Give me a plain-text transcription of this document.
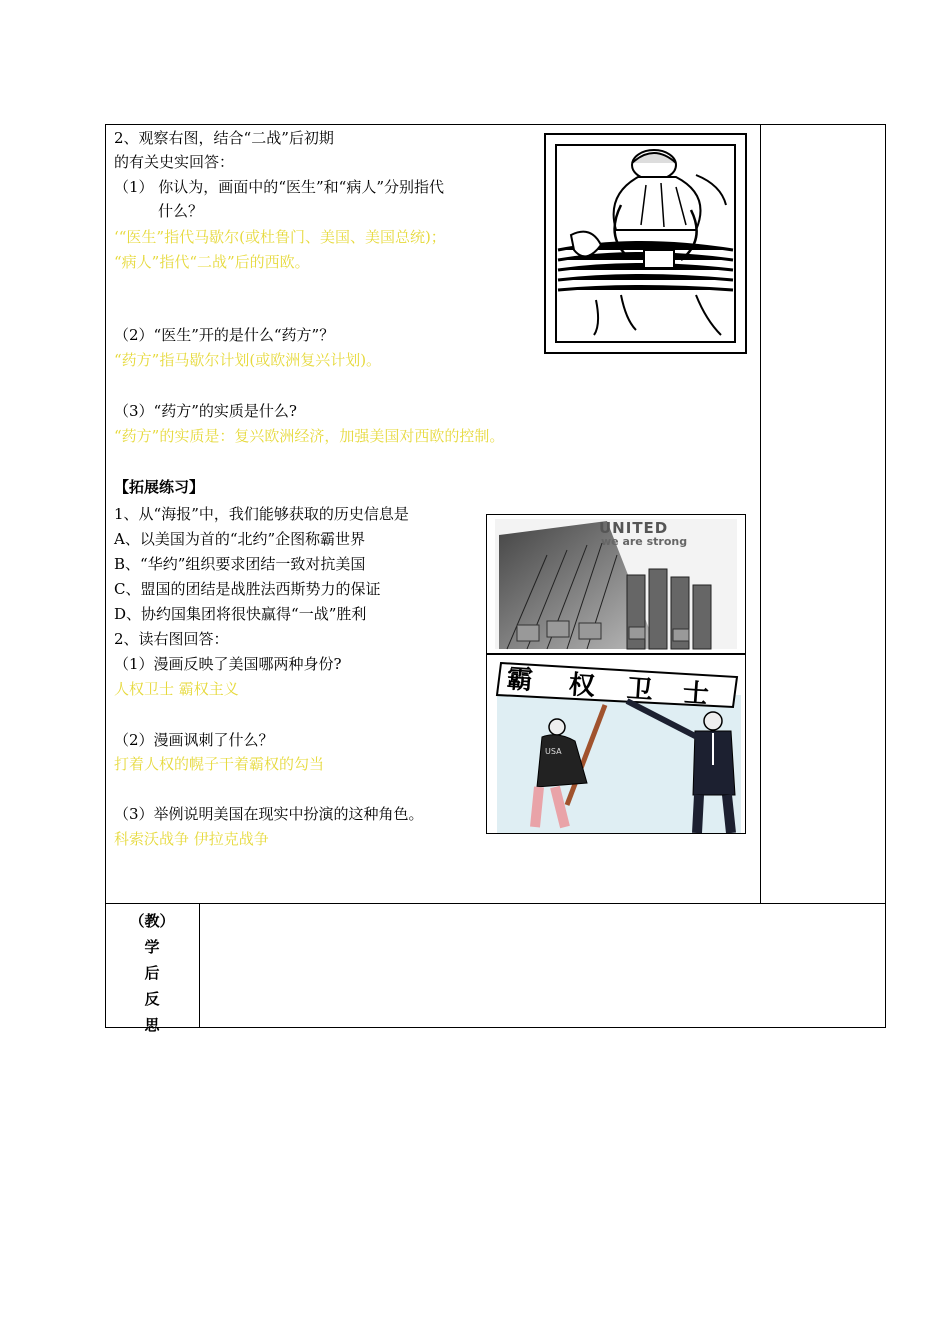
2、观察右图，结合“二战”后初期
的有关史实回答：
（1） 你认为，画面中的“医生”和“病人”分别指代
什么？
‘“医生”指代马歇尔(或杜鲁门、美国、美国总统)；
“病人”指代“二战”后的西欧。
（2）“医生”开的是什么“药方”？
“药方”指马歇尔计划(或欧洲复兴计划)。
（3）“药方”的实质是什么?
“药方”的实质是：复兴欧洲经济，加强美国对西欧的控制。
【拓展练习】
1、从“海报”中，我们能够获取的历史信息是
A、以美国为首的“北约”企图称霸世界
B、“华约”组织要求团结一致对抗美国
C、盟国的团结是战胜法西斯势力的保证
D、协约国集团将很快赢得“一战”胜利
2、读右图回答：
（1）漫画反映了美国哪两种身份?
人权卫士 霸权主义
（2）漫画讽刺了什么？
打着人权的幌子干着霸权的勾当
（3）举例说明美国在现实中扮演的这种角色。
科索沃战争 伊拉克战争
UNITED
we are strong
霸 权 卫 士
USA
（教）
学
后
反
思
